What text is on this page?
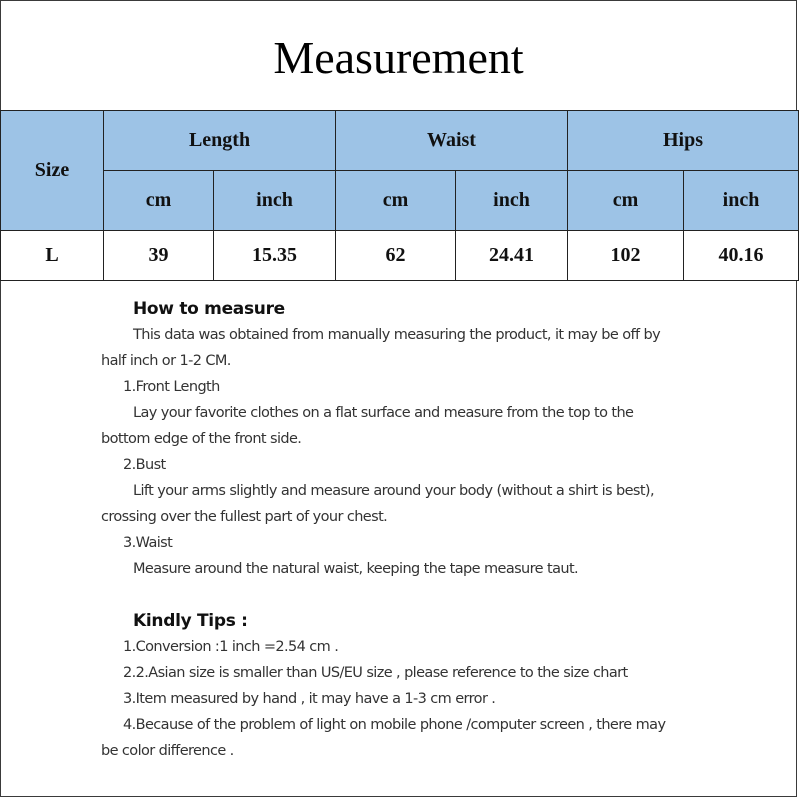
Measurement
Size	Length		Waist		Hips	
	cm	inch	cm	inch	cm	inch
L	39	15.35	62	24.41	102	40.16
How to measure
This data was obtained from manually measuring the product, it may be off by
half inch or 1-2 CM.
1.Front Length
Lay your favorite clothes on a flat surface and measure from the top to the
bottom edge of the front side.
2.Bust
Lift your arms slightly and measure around your body (without a shirt is best),
crossing over the fullest part of your chest.
3.Waist
Measure around the natural waist, keeping the tape measure taut.
Kindly Tips :
1.Conversion :1 inch =2.54 cm .
2.2.Asian size is smaller than US/EU size , please reference to the size chart
3.Item measured by hand , it may have a 1-3 cm error .
4.Because of the problem of light on mobile phone /computer screen , there may
be color difference .
